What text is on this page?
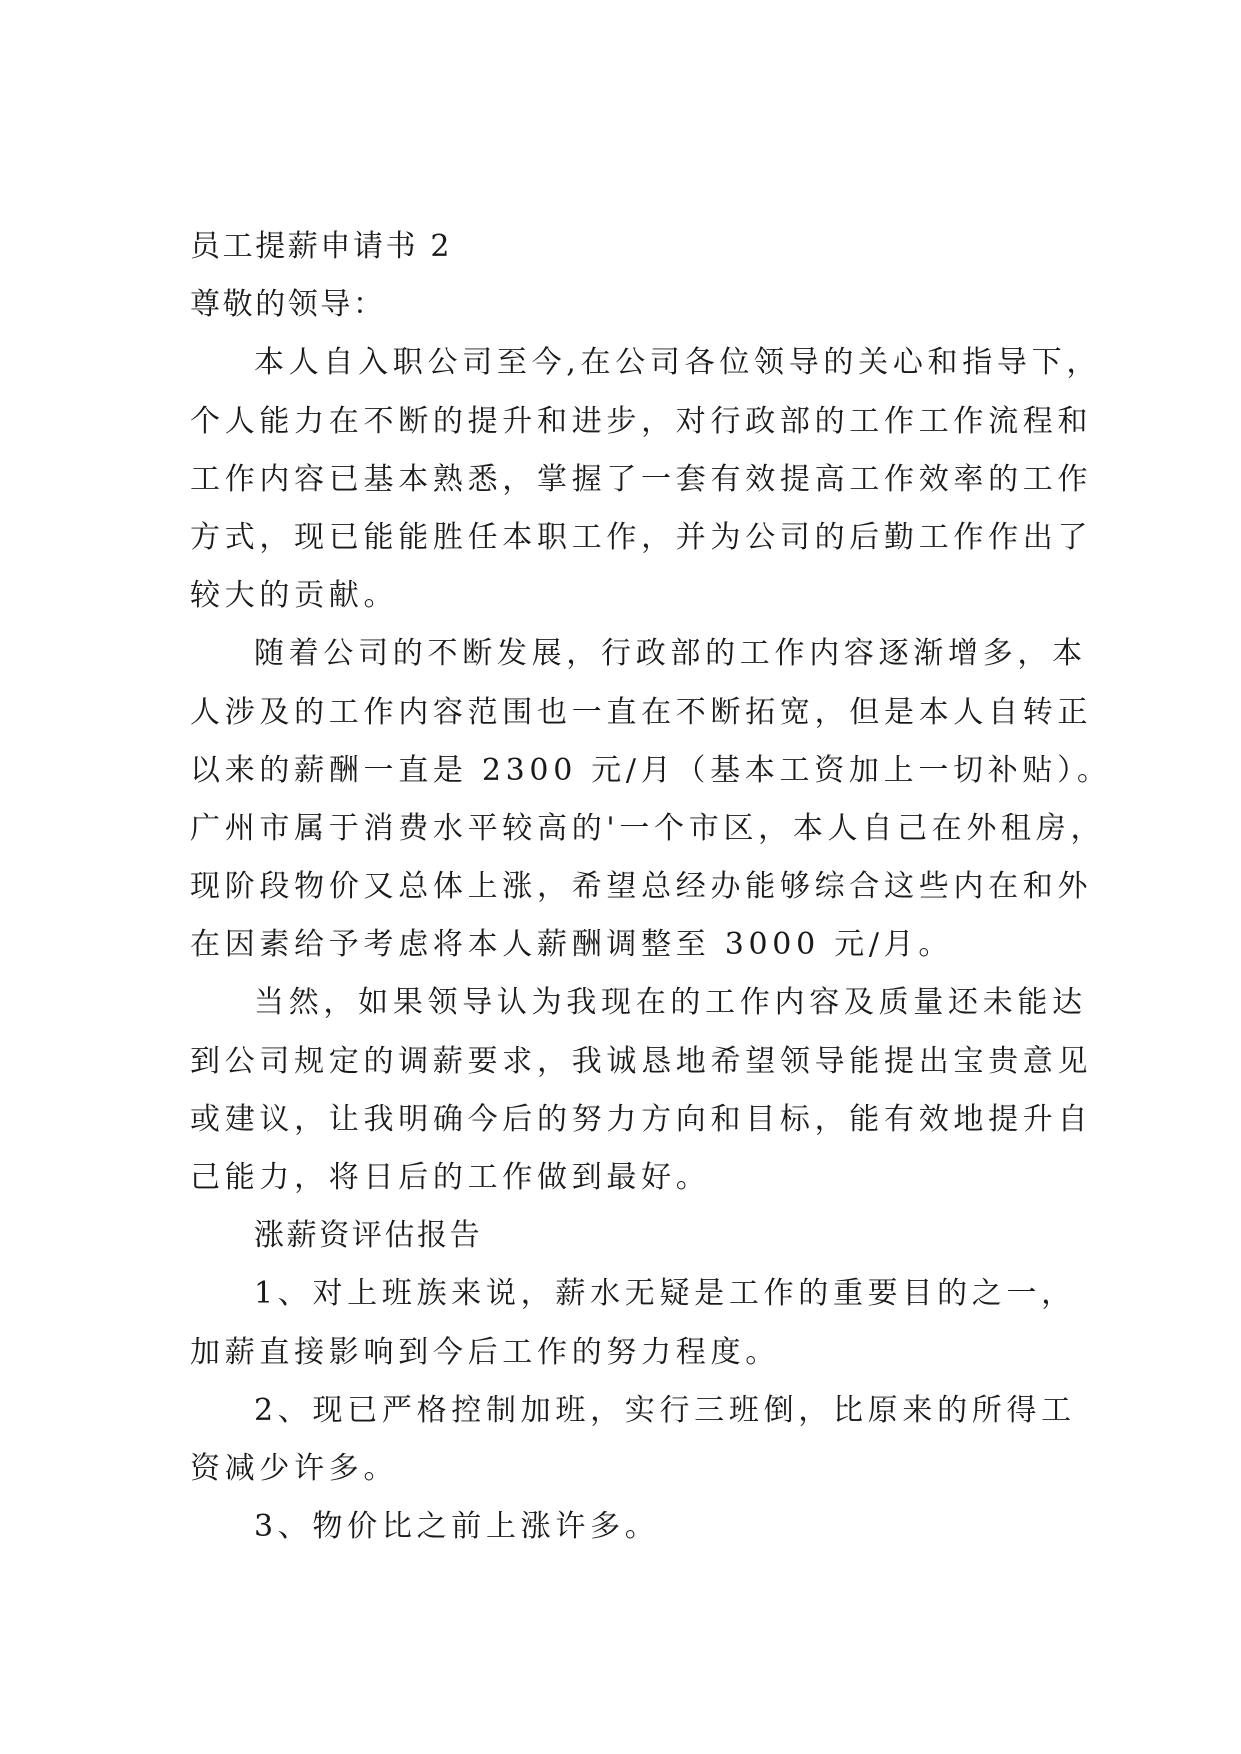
员工提薪申请书 2
尊敬的领导：
本人自入职公司至今,在公司各位领导的关心和指导下，
个人能力在不断的提升和进步，对行政部的工作工作流程和
工作内容已基本熟悉，掌握了一套有效提高工作效率的工作
方式，现已能能胜任本职工作，并为公司的后勤工作作出了
较大的贡献。
随着公司的不断发展，行政部的工作内容逐渐增多，本
人涉及的工作内容范围也一直在不断拓宽，但是本人自转正
以来的薪酬一直是 2300 元/月（基本工资加上一切补贴）。
广州市属于消费水平较高的'一个市区，本人自己在外租房，
现阶段物价又总体上涨，希望总经办能够综合这些内在和外
在因素给予考虑将本人薪酬调整至 3000 元/月。
当然，如果领导认为我现在的工作内容及质量还未能达
到公司规定的调薪要求，我诚恳地希望领导能提出宝贵意见
或建议，让我明确今后的努力方向和目标，能有效地提升自
己能力，将日后的工作做到最好。
涨薪资评估报告
1、对上班族来说，薪水无疑是工作的重要目的之一，
加薪直接影响到今后工作的努力程度。
2、现已严格控制加班，实行三班倒，比原来的所得工
资减少许多。
3、物价比之前上涨许多。
